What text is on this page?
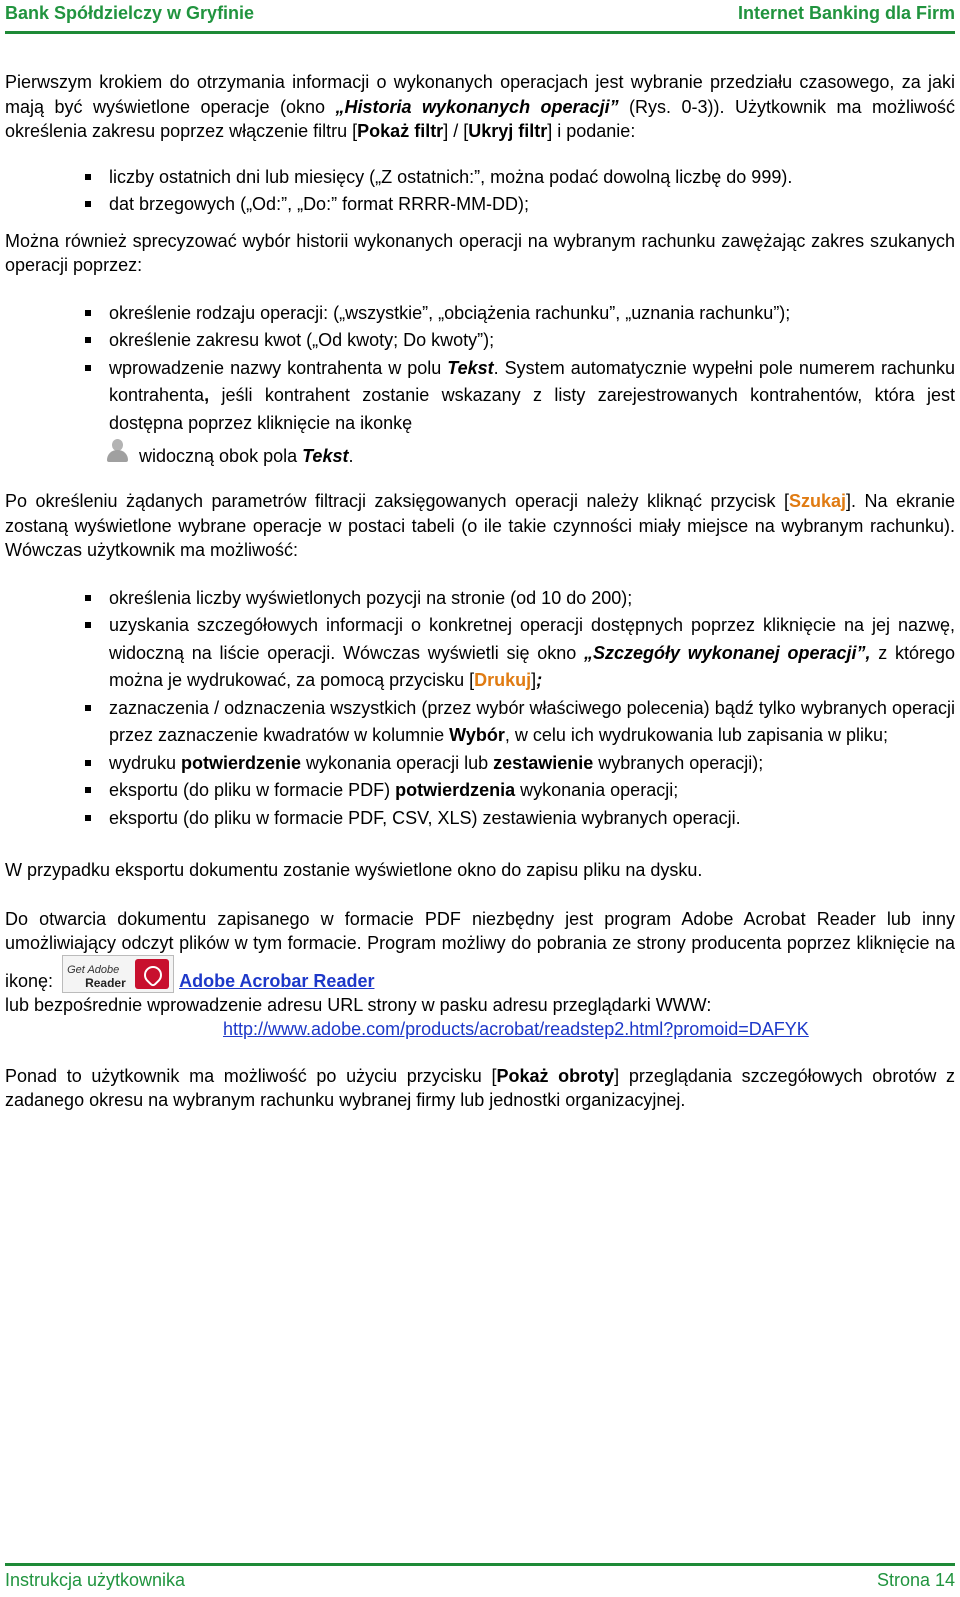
Bank Spółdzielczy w Gryfinie	Internet Banking dla Firm

Pierwszym krokiem do otrzymania informacji o wykonanych operacjach jest wybranie przedziału czasowego, za jaki mają być wyświetlone operacje (okno „Historia wykonanych operacji” (Rys. 0-3)). Użytkownik ma możliwość określenia zakresu poprzez włączenie filtru [Pokaż filtr] / [Ukryj filtr] i podanie:

liczby ostatnich dni lub miesięcy („Z ostatnich:”, można podać dowolną liczbę do 999).
dat brzegowych („Od:”, „Do:” format RRRR-MM-DD);

Można również sprecyzować wybór historii wykonanych operacji na wybranym rachunku zawężając zakres szukanych operacji poprzez:

określenie rodzaju operacji: („wszystkie”, „obciążenia rachunku”, „uznania rachunku”);
określenie zakresu kwot („Od kwoty; Do kwoty”);
wprowadzenie nazwy kontrahenta w polu Tekst. System automatycznie wypełni pole numerem rachunku kontrahenta, jeśli kontrahent zostanie wskazany z listy zarejestrowanych kontrahentów, która jest dostępna poprzez kliknięcie na ikonkę

widoczną obok pola Tekst.

Po określeniu żądanych parametrów filtracji zaksięgowanych operacji należy kliknąć przycisk [Szukaj]. Na ekranie zostaną wyświetlone wybrane operacje w postaci tabeli (o ile takie czynności miały miejsce na wybranym rachunku). Wówczas użytkownik ma możliwość:

określenia liczby wyświetlonych pozycji na stronie (od 10 do 200);
uzyskania szczegółowych informacji o konkretnej operacji dostępnych poprzez kliknięcie na jej nazwę, widoczną na liście operacji. Wówczas wyświetli się okno „Szczegóły wykonanej operacji”, z którego można je wydrukować, za pomocą przycisku [Drukuj];
zaznaczenia / odznaczenia wszystkich (przez wybór właściwego polecenia) bądź tylko wybranych operacji przez zaznaczenie kwadratów w kolumnie Wybór, w celu ich wydrukowania lub zapisania w pliku;
wydruku potwierdzenie wykonania operacji lub zestawienie wybranych operacji);
eksportu (do pliku w formacie PDF) potwierdzenia wykonania operacji;
eksportu (do pliku w formacie PDF, CSV, XLS) zestawienia wybranych operacji.

W przypadku eksportu dokumentu zostanie wyświetlone okno do zapisu pliku na dysku.

Do otwarcia dokumentu zapisanego w formacie PDF niezbędny jest program Adobe Acrobat Reader lub inny umożliwiający odczyt plików w tym formacie. Program możliwy do pobrania ze strony producenta poprzez kliknięcie na ikonę:
Get Adobe
Reader	Adobe Acrobar Reader

lub bezpośrednie wprowadzenie adresu URL strony w pasku adresu przeglądarki WWW:

http://www.adobe.com/products/acrobat/readstep2.html?promoid=DAFYK

Ponad to użytkownik ma możliwość po użyciu przycisku [Pokaż obroty] przeglądania szczegółowych obrotów z zadanego okresu na wybranym rachunku wybranej firmy lub jednostki organizacyjnej.

Instrukcja użytkownika	Strona 14
